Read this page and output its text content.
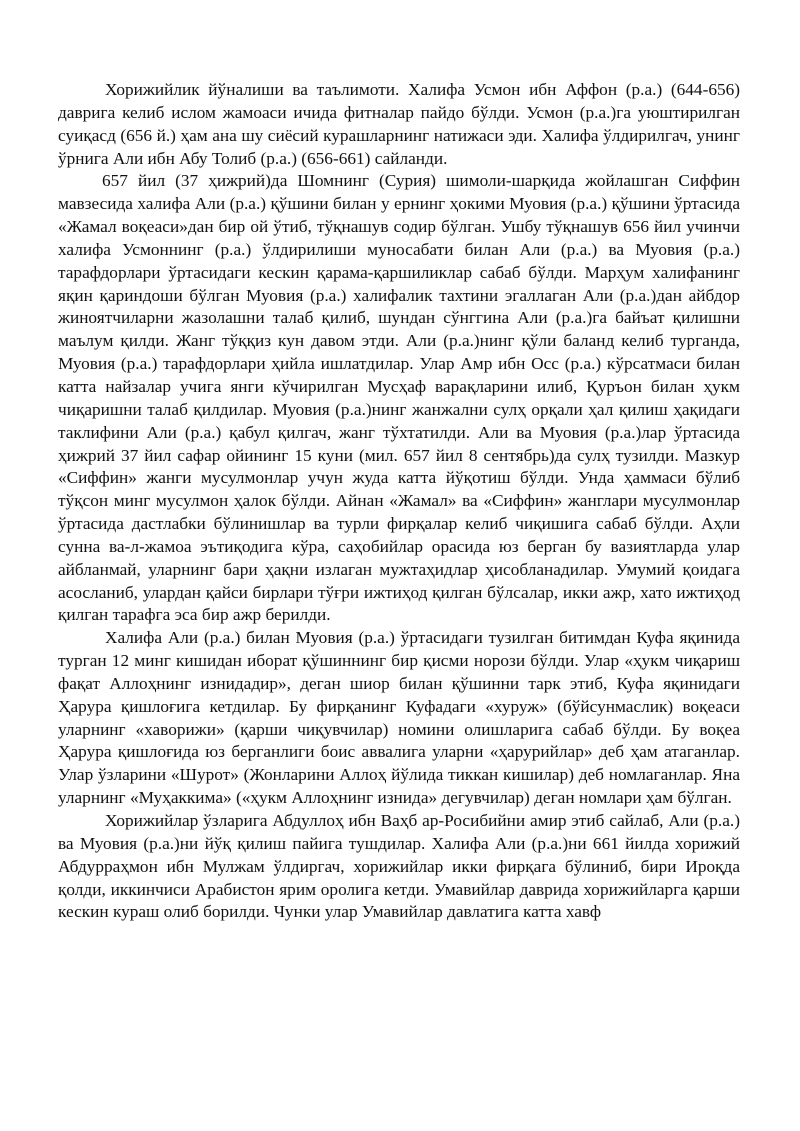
Хорижийлик йўналиши ва таълимоти. Халифа Усмон ибн Аффон (р.а.) (644-656) даврига келиб ислом жамоаси ичида фитналар пайдо бўлди. Усмон (р.а.)га уюштирилган суиқасд (656 й.) ҳам ана шу сиёсий курашларнинг натижаси эди. Халифа ўлдирилгач, унинг ўрнига Али ибн Абу Толиб (р.а.) (656-661) сайланди.

657 йил (37 ҳижрий)да Шомнинг (Сурия) шимоли-шарқида жойлашган Сиффин мавзесида халифа Али (р.а.) қўшини билан у ернинг ҳокими Муовия (р.а.) қўшини ўртасида «Жамал воқеаси»дан бир ой ўтиб, тўқнашув содир бўлган. Ушбу тўқнашув 656 йил учинчи халифа Усмоннинг (р.а.) ўлдирилиши муносабати билан Али (р.а.) ва Муовия (р.а.) тарафдорлари ўртасидаги кескин қарама-қаршиликлар сабаб бўлди. Марҳум халифанинг яқин қариндоши бўлган Муовия (р.а.) халифалик тахтини эгаллаган Али (р.а.)дан айбдор жиноятчиларни жазолашни талаб қилиб, шундан сўнггина Али (р.а.)га байъат қилишни маълум қилди. Жанг тўққиз кун давом этди. Али (р.а.)нинг қўли баланд келиб турганда, Муовия (р.а.) тарафдорлари ҳийла ишлатдилар. Улар Амр ибн Осс (р.а.) кўрсатмаси билан катта найзалар учига янги кўчирилган Мусҳаф варақларини илиб, Қуръон билан ҳукм чиқаришни талаб қилдилар. Муовия (р.а.)нинг жанжални сулҳ орқали ҳал қилиш ҳақидаги таклифини Али (р.а.) қабул қилгач, жанг тўхтатилди. Али ва Муовия (р.а.)лар ўртасида ҳижрий 37 йил сафар ойининг 15 куни (мил. 657 йил 8 сентябрь)да сулҳ тузилди. Мазкур «Сиффин» жанги мусулмонлар учун жуда катта йўқотиш бўлди. Унда ҳаммаси бўлиб тўқсон минг мусулмон ҳалок бўлди. Айнан «Жамал» ва «Сиффин» жанглари мусулмонлар ўртасида дастлабки бўлинишлар ва турли фирқалар келиб чиқишига сабаб бўлди. Аҳли сунна ва-л-жамоа эътиқодига кўра, саҳобийлар орасида юз берган бу вазиятларда улар айбланмай, уларнинг бари ҳақни излаган мужтаҳидлар ҳисобланадилар. Умумий қоидага асосланиб, улардан қайси бирлари тўғри ижтиҳод қилган бўлсалар, икки ажр, хато ижтиҳод қилган тарафга эса бир ажр берилди.

Халифа Али (р.а.) билан Муовия (р.а.) ўртасидаги тузилган битимдан Куфа яқинида турган 12 минг кишидан иборат қўшиннинг бир қисми норози бўлди. Улар «ҳукм чиқариш фақат Аллоҳнинг изнидадир», деган шиор билан қўшинни тарк этиб, Куфа яқинидаги Ҳарура қишлоғига кетдилар. Бу фирқанинг Куфадаги «хуруж» (бўйсунмаслик) воқеаси уларнинг «хаворижи» (қарши чиқувчилар) номини олишларига сабаб бўлди. Бу воқеа Ҳарура қишлоғида юз берганлиги боис аввалига уларни «ҳарурийлар» деб ҳам атаганлар. Улар ўзларини «Шурот» (Жонларини Аллоҳ йўлида тиккан кишилар) деб номлаганлар. Яна уларнинг «Муҳаккима» («ҳукм Аллоҳнинг изнида» дегувчилар) деган номлари ҳам бўлган.

Хорижийлар ўзларига Абдуллоҳ ибн Ваҳб ар-Росибийни амир этиб сайлаб, Али (р.а.) ва Муовия (р.а.)ни йўқ қилиш пайига тушдилар. Халифа Али (р.а.)ни 661 йилда хорижий Абдурраҳмон ибн Мулжам ўлдиргач, хорижийлар икки фирқага бўлиниб, бири Ироқда қолди, иккинчиси Арабистон ярим оролига кетди. Умавийлар даврида хорижийларга қарши кескин кураш олиб борилди. Чунки улар Умавийлар давлатига катта хавф
